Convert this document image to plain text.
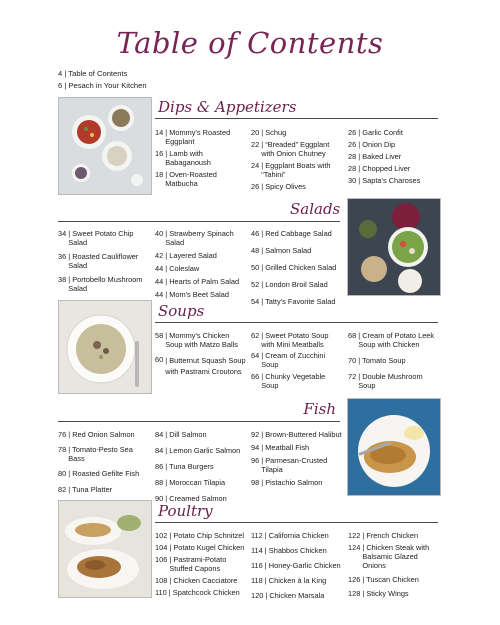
Table of Contents
4 | Table of Contents
6 | Pesach in Your Kitchen
Dips & Appetizers
14 | Mommy's Roasted Eggplant
16 | Lamb with Babaganoush
18 | Oven-Roasted Matbucha
20 | Schug
22 | “Breaded” Eggplant with Onion Chutney
24 | Eggplant Boats with “Tahini”
26 | Spicy Olives
26 | Garlic Confit
26 | Onion Dip
28 | Baked Liver
28 | Chopped Liver
30 | Sapta's Charoses
Salads
34 | Sweet Potato Chip Salad
36 | Roasted Cauliflower Salad
38 | Portobello Mushroom Salad
40 | Strawberry Spinach Salad
42 | Layered Salad
44 | Coleslaw
44 | Hearts of Palm Salad
44 | Mom's Beet Salad
46 | Red Cabbage Salad
48 | Salmon Salad
50 | Grilled Chicken Salad
52 | London Broil Salad
54 | Tatty's Favorite Salad
Soups
58 | Mommy's Chicken Soup with Matzo Balls
60 | Butternut Squash Soup with Pastrami Croutons
62 | Sweet Potato Soup with Mini Meatballs
64 | Cream of Zucchini Soup
66 | Chunky Vegetable Soup
68 | Cream of Potato Leek Soup with Chicken
70 | Tomato Soup
72 | Double Mushroom Soup
Fish
76 | Red Onion Salmon
78 | Tomato-Pesto Sea Bass
80 | Roasted Gefilte Fish
82 | Tuna Platter
84 | Dill Salmon
84 | Lemon Garlic Salmon
86 | Tuna Burgers
88 | Moroccan Tilapia
90 | Creamed Salmon
92 | Brown-Buttered Halibut
94 | Meatball Fish
96 | Parmesan-Crusted Tilapia
98 | Pistachio Salmon
Poultry
102 | Potato Chip Schnitzel
104 | Potato Kugel Chicken
106 | Pastrami-Potato Stuffed Capons
108 | Chicken Cacciatore
110 | Spatchcock Chicken
112 | California Chicken
114 | Shabbos Chicken
116 | Honey-Garlic Chicken
118 | Chicken à la King
120 | Chicken Marsala
122 | French Chicken
124 | Chicken Steak with Balsamic Glazed Onions
126 | Tuscan Chicken
128 | Sticky Wings
